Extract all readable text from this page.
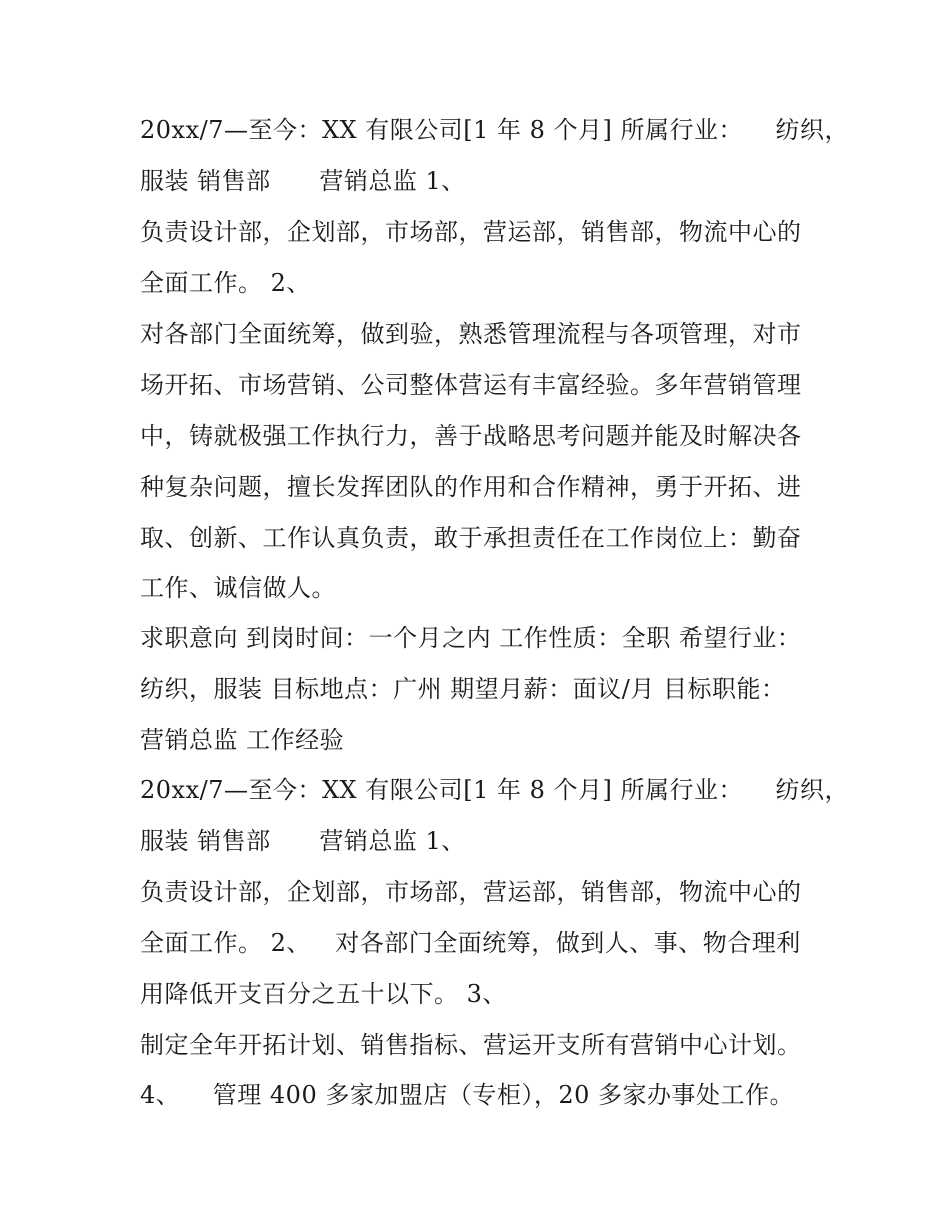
20xx/7—至今：XX 有限公司[1 年 8 个月] 所属行业：    纺织，
服装 销售部      营销总监 1、
负责设计部，企划部，市场部，营运部，销售部，物流中心的
全面工作。 2、
对各部门全面统筹，做到验，熟悉管理流程与各项管理，对市
场开拓、市场营销、公司整体营运有丰富经验。多年营销管理
中，铸就极强工作执行力，善于战略思考问题并能及时解决各
种复杂问题，擅长发挥团队的作用和合作精神，勇于开拓、进
取、创新、工作认真负责，敢于承担责任在工作岗位上：勤奋
工作、诚信做人。
求职意向 到岗时间：一个月之内 工作性质：全职 希望行业：
纺织，服装 目标地点：广州 期望月薪：面议/月 目标职能：
营销总监 工作经验
20xx/7—至今：XX 有限公司[1 年 8 个月] 所属行业：    纺织，
服装 销售部      营销总监 1、
负责设计部，企划部，市场部，营运部，销售部，物流中心的
全面工作。 2、   对各部门全面统筹，做到人、事、物合理利
用降低开支百分之五十以下。 3、
制定全年开拓计划、销售指标、营运开支所有营销中心计划。
4、    管理 400 多家加盟店（专柜），20 多家办事处工作。
